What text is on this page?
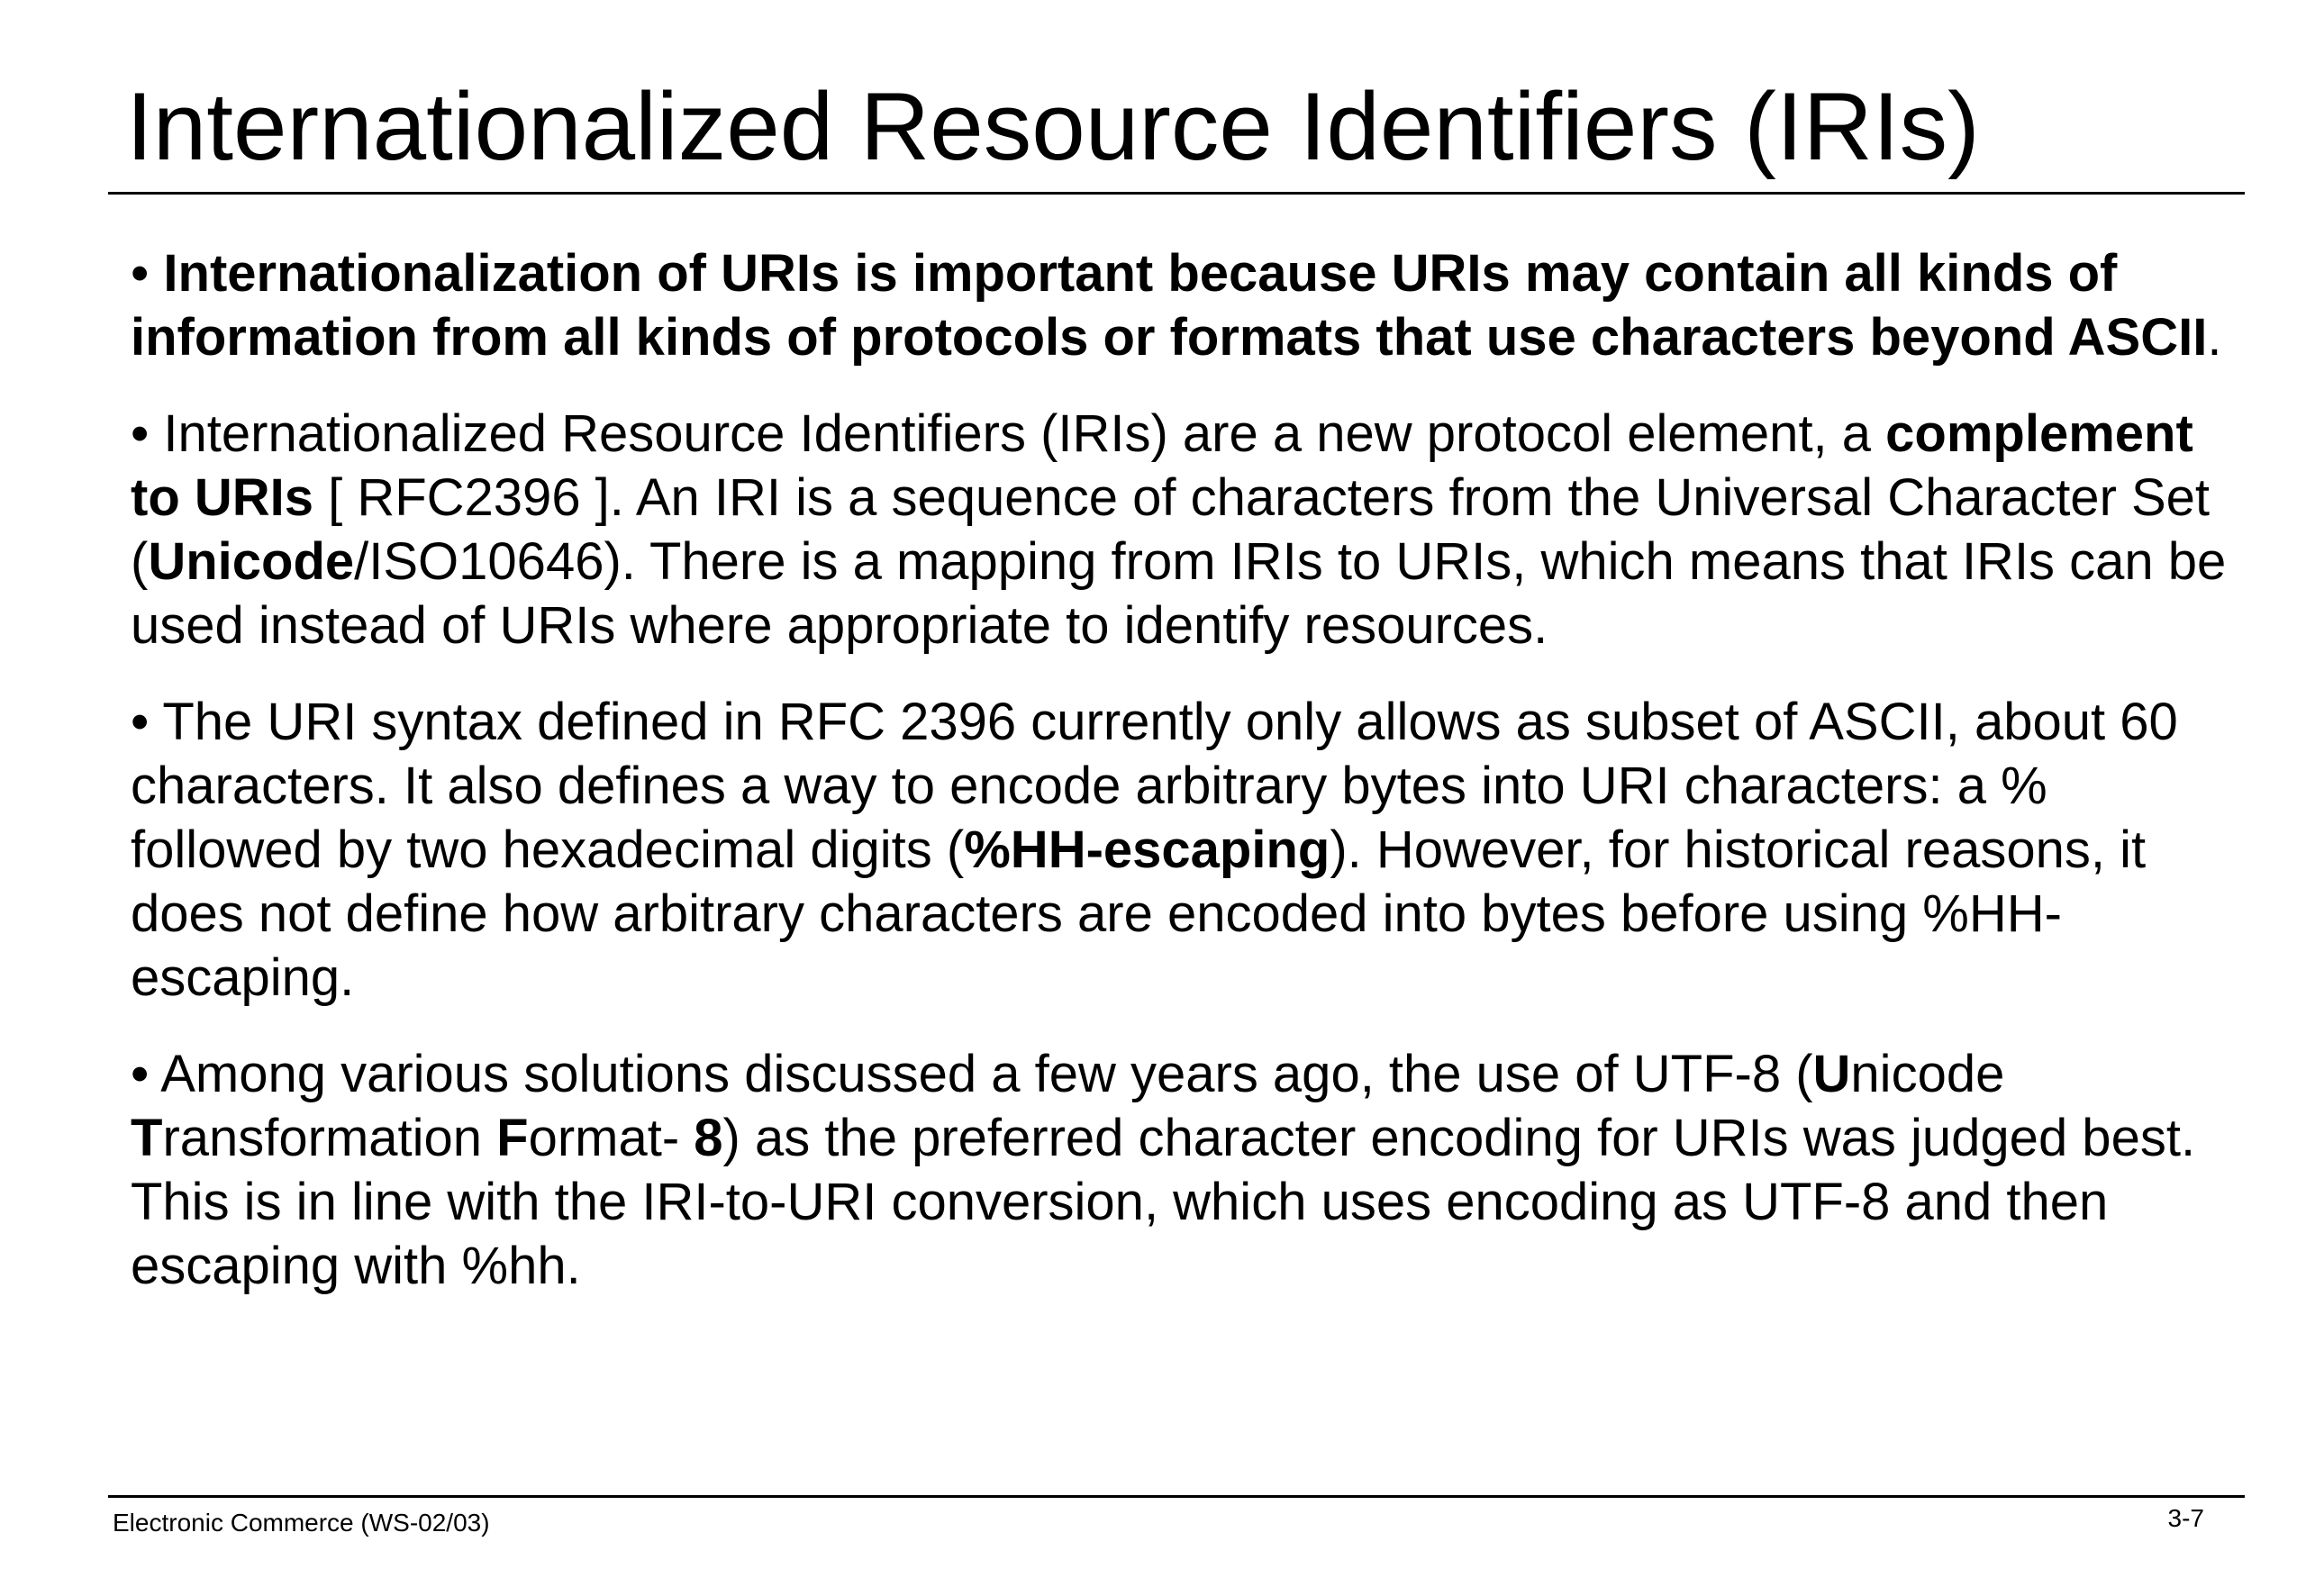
Internationalized Resource Identifiers (IRIs)

• Internationalization of URIs is important because URIs may contain all kinds of information from all kinds of protocols or formats that use characters beyond ASCII.

• Internationalized Resource Identifiers (IRIs) are a new protocol element, a complement to URIs [ RFC2396 ]. An IRI is a sequence of characters from the Universal Character Set (Unicode/ISO10646). There is a mapping from IRIs to URIs, which means that IRIs can be used instead of URIs where appropriate to identify resources.

• The URI syntax defined in RFC 2396 currently only allows as subset of ASCII, about 60 characters. It also defines a way to encode arbitrary bytes into URI characters: a % followed by two hexadecimal digits (%HH-escaping). However, for historical reasons, it does not define how arbitrary characters are encoded into bytes before using %HH-escaping.

• Among various solutions discussed a few years ago, the use of UTF-8 (Unicode Transformation Format- 8) as the preferred character encoding for URIs was judged best. This is in line with the IRI-to-URI conversion, which uses encoding as UTF-8 and then escaping with %hh.

Electronic Commerce (WS-02/03)	3-7
